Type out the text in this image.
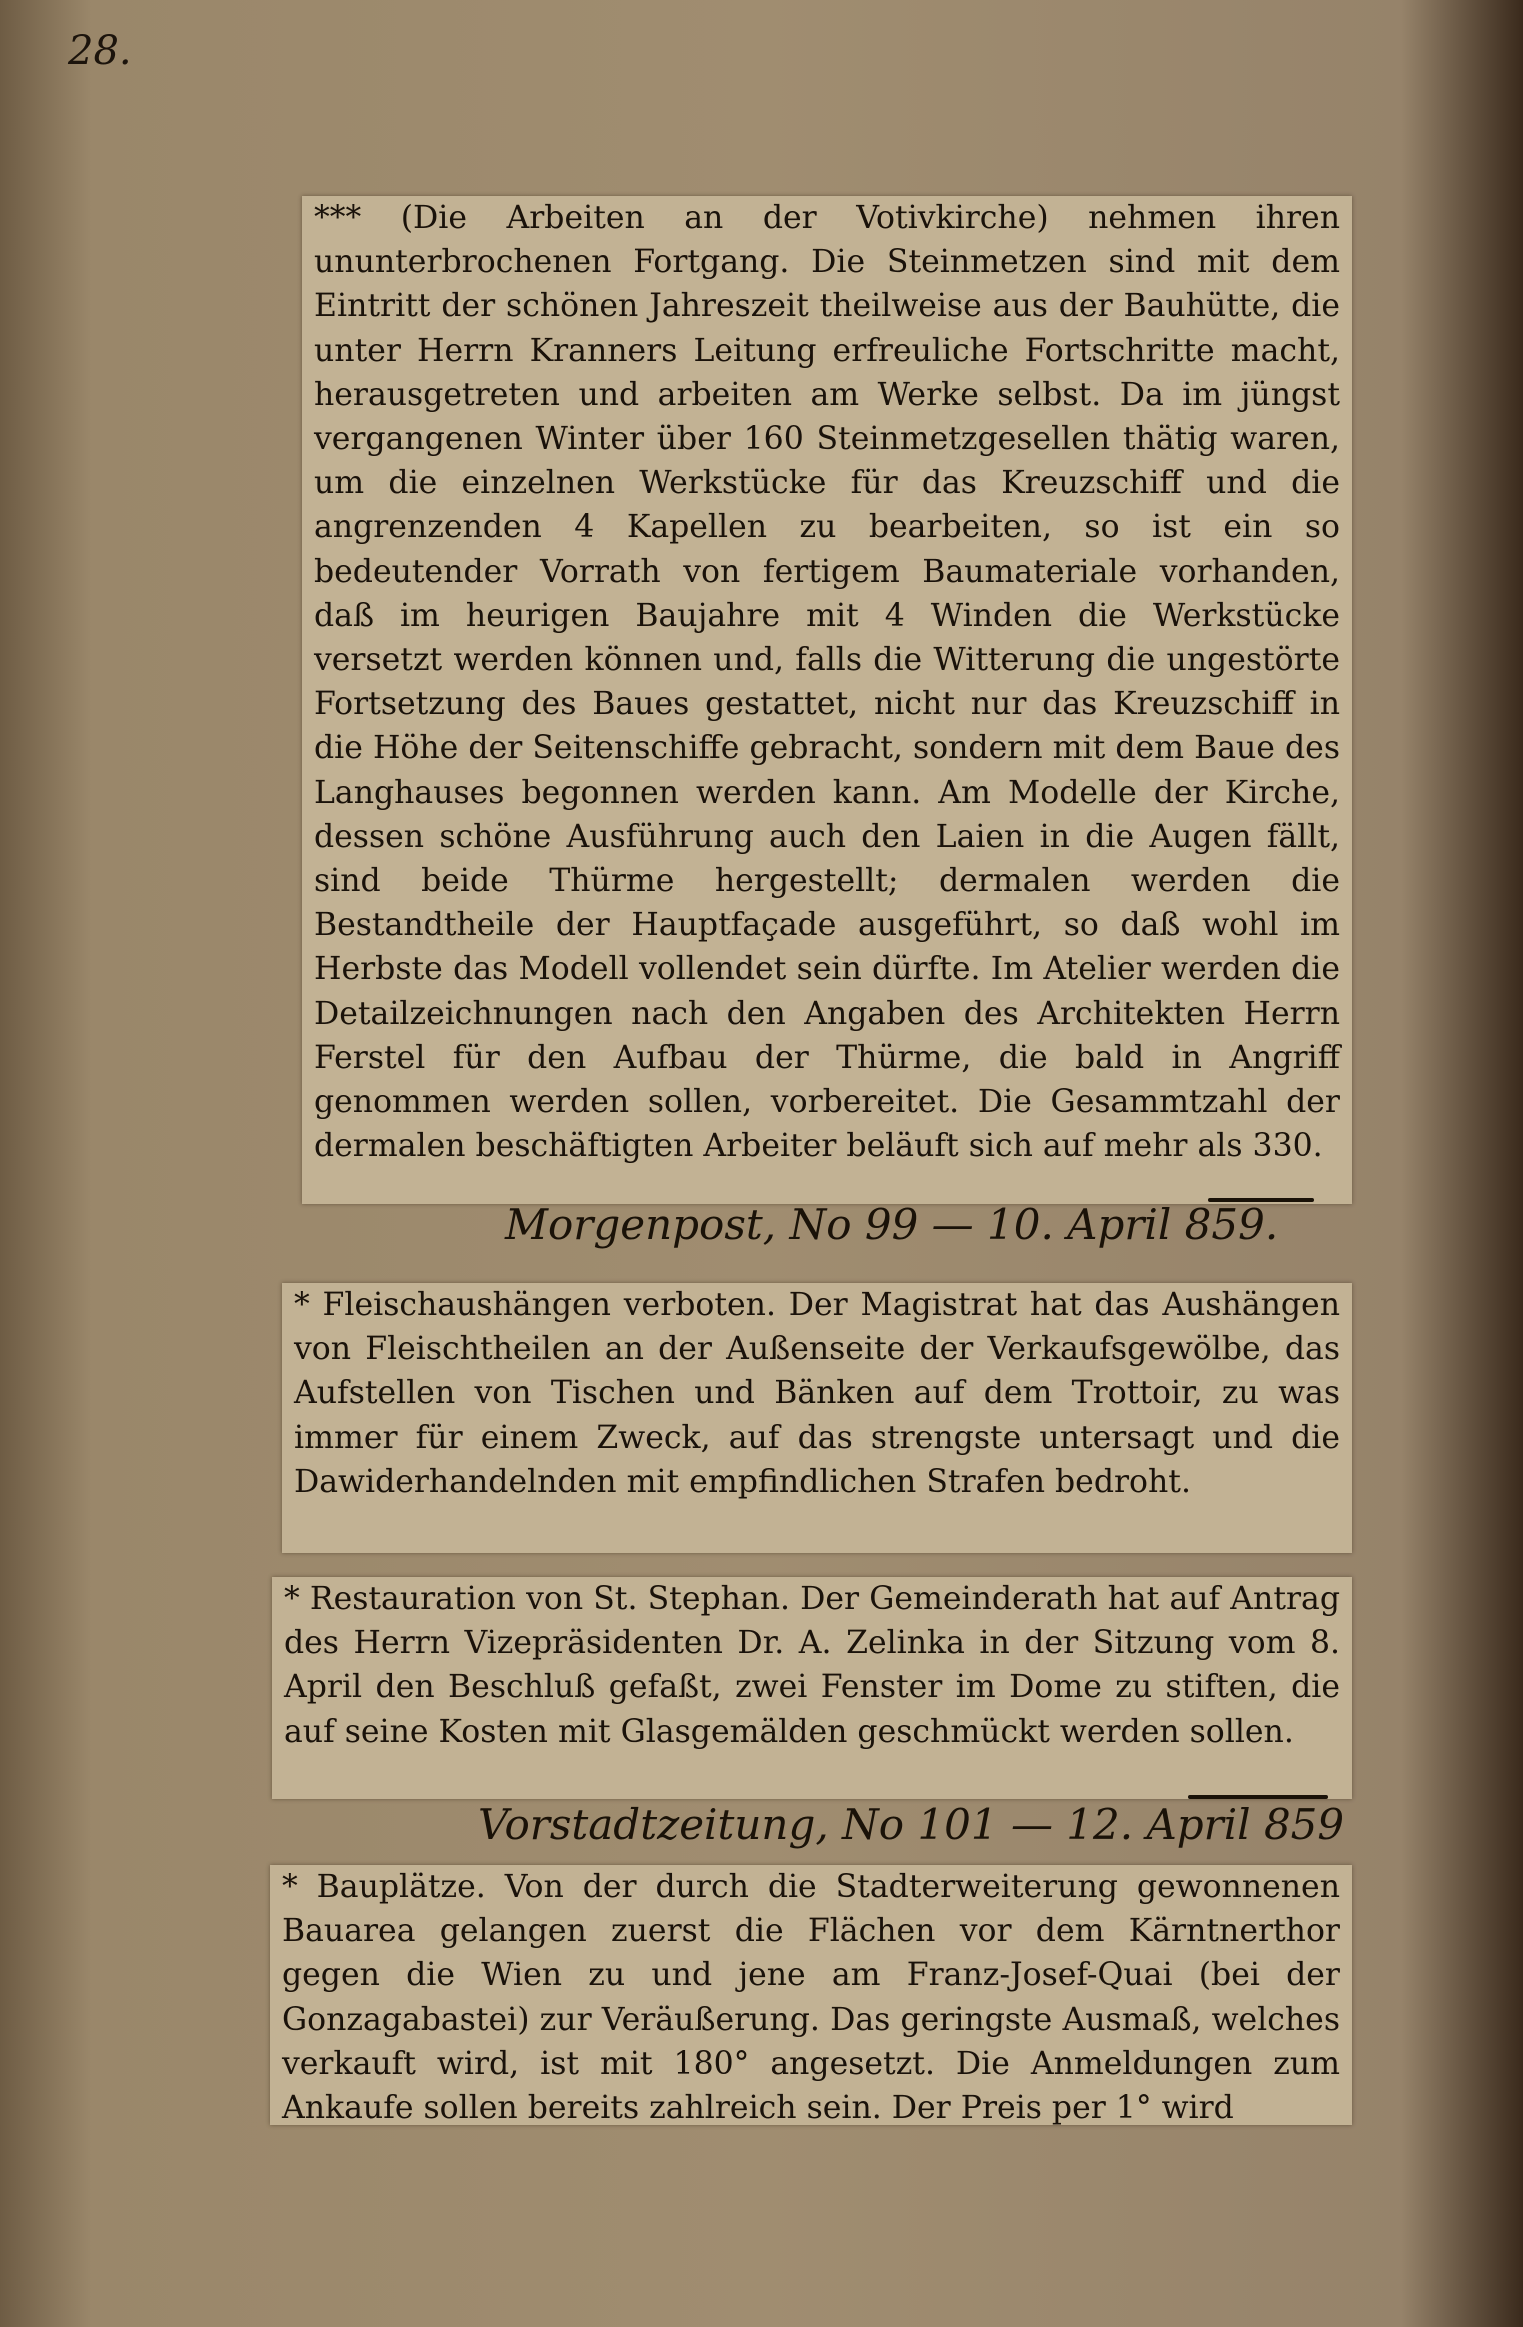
28.

*** (Die Arbeiten an der Votivkirche) nehmen ihren ununterbrochenen Fortgang. Die Steinmetzen sind mit dem Eintritt der schönen Jahreszeit theilweise aus der Bauhütte, die unter Herrn Kranners Leitung erfreuliche Fortschritte macht, herausgetreten und arbeiten am Werke selbst. Da im jüngst vergangenen Winter über 160 Steinmetzgesellen thätig waren, um die einzelnen Werkstücke für das Kreuzschiff und die angrenzenden 4 Kapellen zu bearbeiten, so ist ein so bedeutender Vorrath von fertigem Baumateriale vorhanden, daß im heurigen Baujahre mit 4 Winden die Werkstücke versetzt werden können und, falls die Witterung die ungestörte Fortsetzung des Baues gestattet, nicht nur das Kreuzschiff in die Höhe der Seitenschiffe gebracht, sondern mit dem Baue des Langhauses begonnen werden kann. Am Modelle der Kirche, dessen schöne Ausführung auch den Laien in die Augen fällt, sind beide Thürme hergestellt; dermalen werden die Bestandtheile der Hauptfaçade ausgeführt, so daß wohl im Herbste das Modell vollendet sein dürfte. Im Atelier werden die Detailzeichnungen nach den Angaben des Architekten Herrn Ferstel für den Aufbau der Thürme, die bald in Angriff genommen werden sollen, vorbereitet. Die Gesammtzahl der dermalen beschäftigten Arbeiter beläuft sich auf mehr als 330.

Morgenpost, No 99 — 10. April 859.

* Fleischaushängen verboten. Der Magistrat hat das Aushängen von Fleischtheilen an der Außenseite der Verkaufsgewölbe, das Aufstellen von Tischen und Bänken auf dem Trottoir, zu was immer für einem Zweck, auf das strengste untersagt und die Dawiderhandelnden mit empfindlichen Strafen bedroht.

* Restauration von St. Stephan. Der Gemeinderath hat auf Antrag des Herrn Vizepräsidenten Dr. A. Zelinka in der Sitzung vom 8. April den Beschluß gefaßt, zwei Fenster im Dome zu stiften, die auf seine Kosten mit Glasgemälden geschmückt werden sollen.

Vorstadtzeitung, No 101 — 12. April 859

* Bauplätze. Von der durch die Stadterweiterung gewonnenen Bauarea gelangen zuerst die Flächen vor dem Kärntnerthor gegen die Wien zu und jene am Franz-Josef-Quai (bei der Gonzagabastei) zur Veräußerung. Das geringste Ausmaß, welches verkauft wird, ist mit 180° angesetzt. Die Anmeldungen zum Ankaufe sollen bereits zahlreich sein. Der Preis per 1° wird
